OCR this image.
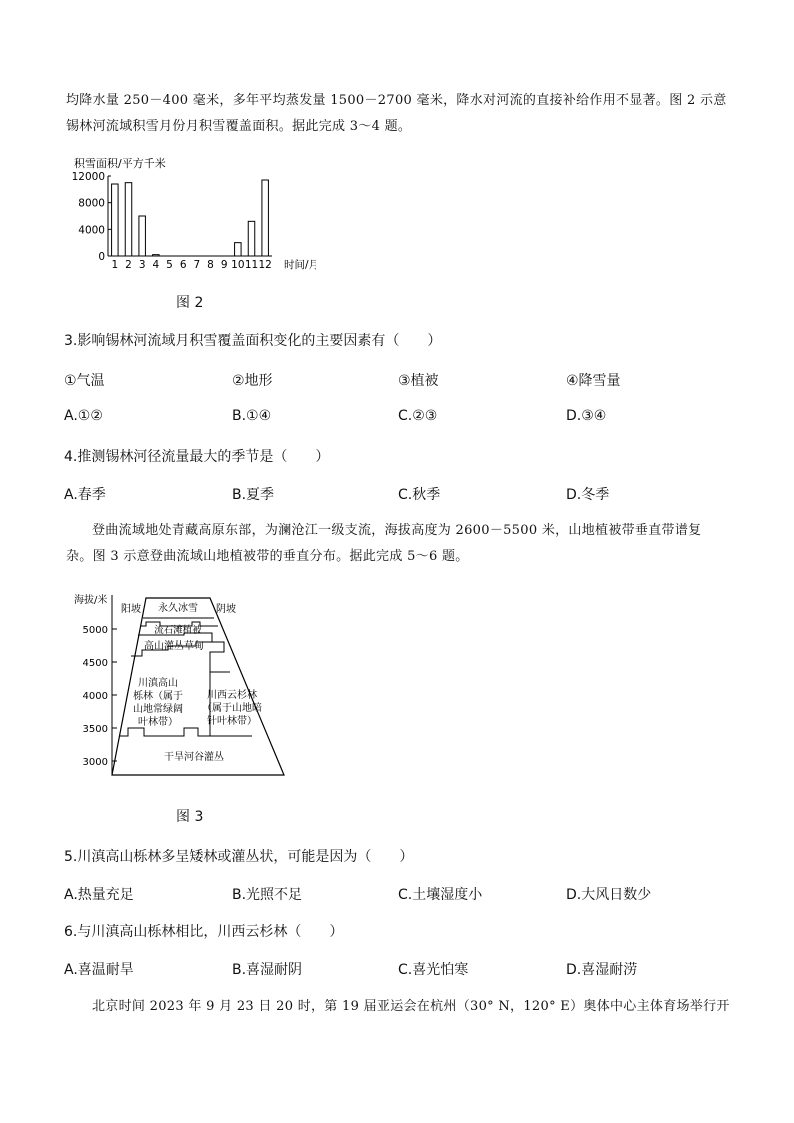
均降水量 250－400 毫米，多年平均蒸发量 1500－2700 毫米，降水对河流的直接补给作用不显著。图 2 示意
锡林河流域积雪月份月积雪覆盖面积。据此完成 3～4 题。
积雪面积/平方千米
0
4000
8000
12000
1 2 3 4 5 6 7 8 9 10 11 12 时间/月
图 2
3.影响锡林河流域月积雪覆盖面积变化的主要因素有（　　）
①气温	②地形	③植被	④降雪量
A.①②	B.①④	C.②③	D.③④
4.推测锡林河径流量最大的季节是（　　）
A.春季	B.夏季	C.秋季	D.冬季
登曲流域地处青藏高原东部，为澜沧江一级支流，海拔高度为 2600－5500 米，山地植被带垂直带谱复
杂。图 3 示意登曲流域山地植被带的垂直分布。据此完成 5～6 题。
海拔/米
5000
4500
4000
3500
3000
阳坡	阴坡
永久冰雪
流石滩植被
高山灌丛草甸
川滇高山
栎林（属于
山地常绿阔
叶林带）
川西云杉林
（属于山地暗
针叶林带）
干旱河谷灌丛
图 3
5.川滇高山栎林多呈矮林或灌丛状，可能是因为（　　）
A.热量充足	B.光照不足	C.土壤湿度小	D.大风日数少
6.与川滇高山栎林相比，川西云杉林（　　）
A.喜温耐旱	B.喜湿耐阴	C.喜光怕寒	D.喜湿耐涝
北京时间 2023 年 9 月 23 日 20 时，第 19 届亚运会在杭州（30° N，120° E）奥体中心主体育场举行开
